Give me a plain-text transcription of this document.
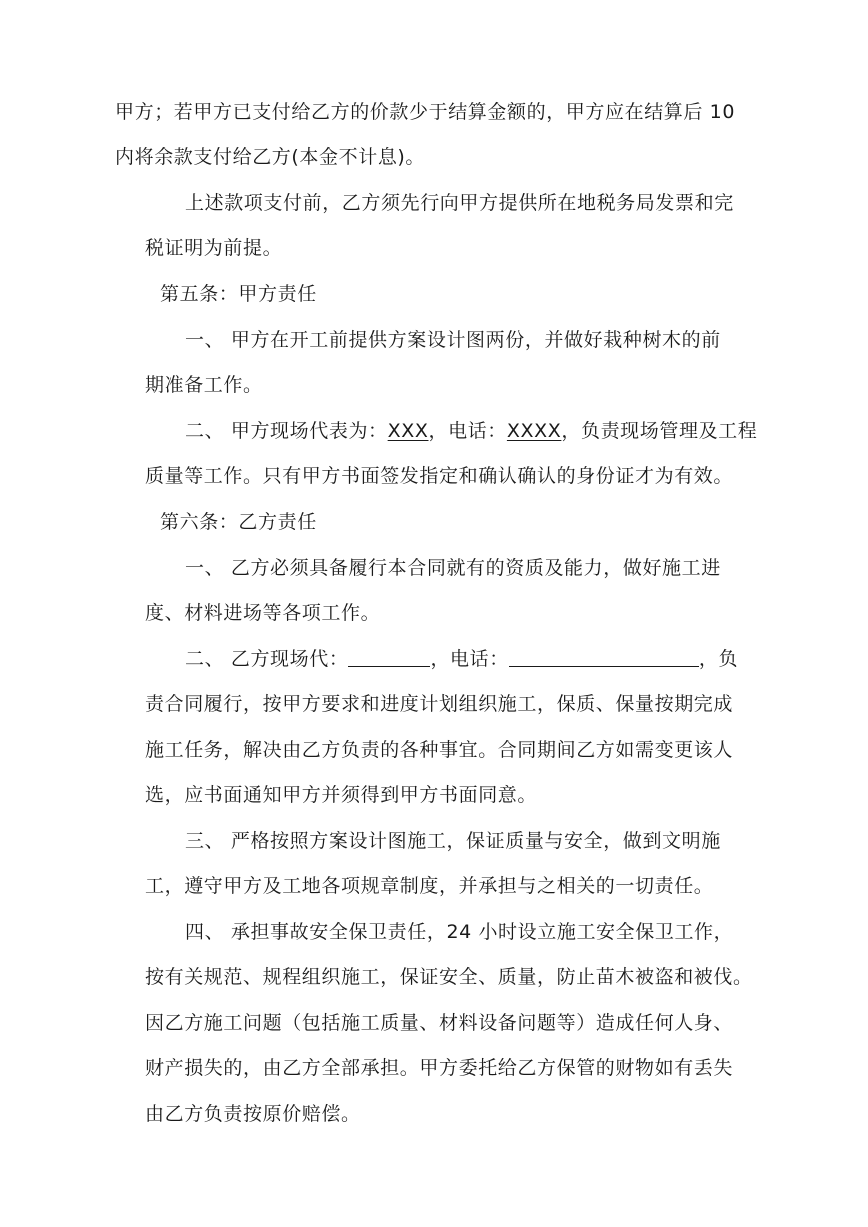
甲方；若甲方已支付给乙方的价款少于结算金额的，甲方应在结算后 10
内将余款支付给乙方(本金不计息)。
上述款项支付前，乙方须先行向甲方提供所在地税务局发票和完
税证明为前提。
第五条：甲方责任
一、 甲方在开工前提供方案设计图两份，并做好栽种树木的前
期准备工作。
二、 甲方现场代表为：XXX，电话：XXXX，负责现场管理及工程
质量等工作。只有甲方书面签发指定和确认确认的身份证才为有效。
第六条：乙方责任
一、 乙方必须具备履行本合同就有的资质及能力，做好施工进
度、材料进场等各项工作。
二、 乙方现场代：	，电话：	，负
责合同履行，按甲方要求和进度计划组织施工，保质、保量按期完成
施工任务，解决由乙方负责的各种事宜。合同期间乙方如需变更该人
选，应书面通知甲方并须得到甲方书面同意。
三、 严格按照方案设计图施工，保证质量与安全，做到文明施
工，遵守甲方及工地各项规章制度，并承担与之相关的一切责任。
四、 承担事故安全保卫责任，24 小时设立施工安全保卫工作，
按有关规范、规程组织施工，保证安全、质量，防止苗木被盗和被伐。
因乙方施工问题（包括施工质量、材料设备问题等）造成任何人身、
财产损失的，由乙方全部承担。甲方委托给乙方保管的财物如有丢失
由乙方负责按原价赔偿。
